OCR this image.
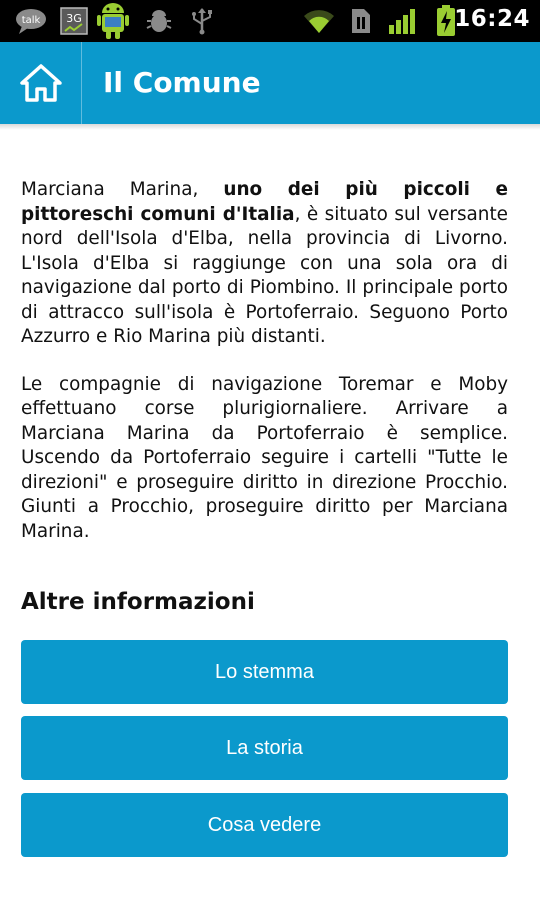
talk 3G	16:24
Il Comune

Marciana Marina, uno dei più piccoli e pittoreschi comuni d'Italia, è situato sul versante nord dell'Isola d'Elba, nella provincia di Livorno. L'Isola d'Elba si raggiunge con una sola ora di navigazione dal porto di Piombino. Il principale porto di attracco sull'isola è Portoferraio. Seguono Porto Azzurro e Rio Marina più distanti.

Le compagnie di navigazione Toremar e Moby effettuano corse plurigiornaliere. Arrivare a Marciana Marina da Portoferraio è semplice. Uscendo da Portoferraio seguire i cartelli "Tutte le direzioni" e proseguire diritto in direzione Procchio. Giunti a Procchio, proseguire diritto per Marciana Marina.

Altre informazioni
Lo stemma
La storia
Cosa vedere
